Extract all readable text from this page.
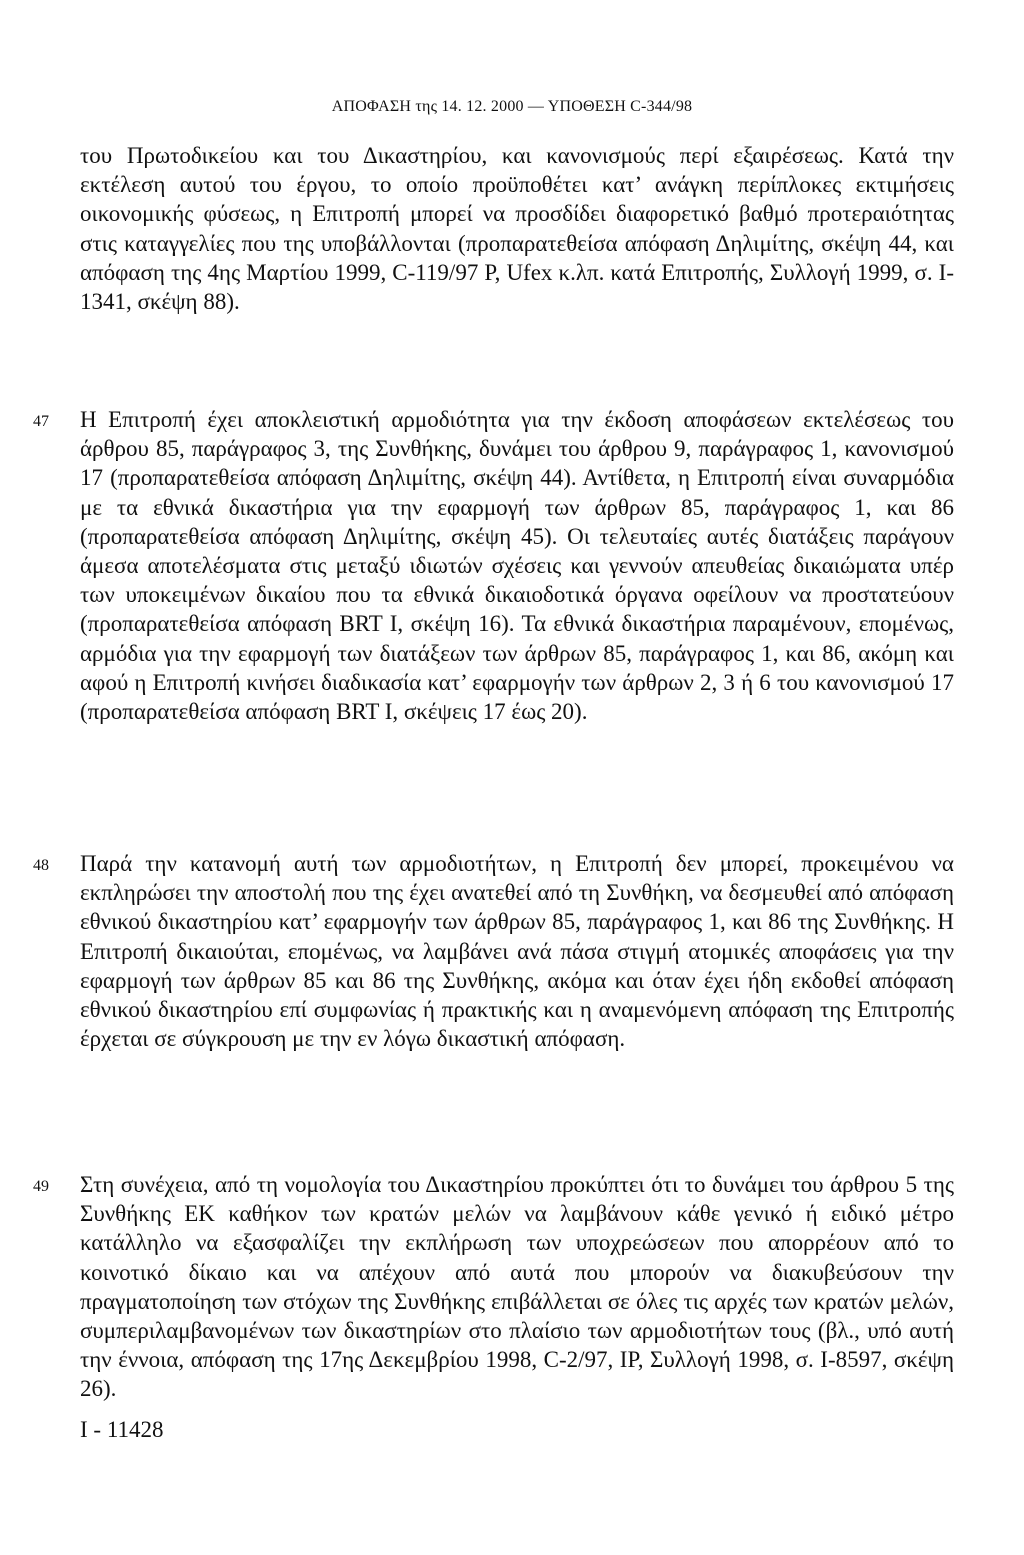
ΑΠΟΦΑΣΗ της 14. 12. 2000 — ΥΠΟΘΕΣΗ C-344/98

του Πρωτοδικείου και του Δικαστηρίου, και κανονισμούς περί εξαιρέσεως. Κατά την εκτέλεση αυτού του έργου, το οποίο προϋποθέτει κατ’ ανάγκη περίπλοκες εκτιμήσεις οικονομικής φύσεως, η Επιτροπή μπορεί να προσδίδει διαφορετικό βαθμό προτεραιότητας στις καταγγελίες που της υποβάλλονται (προπαρατεθείσα απόφαση Δηλιμίτης, σκέψη 44, και απόφαση της 4ης Μαρτίου 1999, C-119/97 P, Ufex κ.λπ. κατά Επιτροπής, Συλλογή 1999, σ. I-1341, σκέψη 88).

47 Η Επιτροπή έχει αποκλειστική αρμοδιότητα για την έκδοση αποφάσεων εκτελέσεως του άρθρου 85, παράγραφος 3, της Συνθήκης, δυνάμει του άρθρου 9, παράγραφος 1, κανονισμού 17 (προπαρατεθείσα απόφαση Δηλιμίτης, σκέψη 44). Αντίθετα, η Επιτροπή είναι συναρμόδια με τα εθνικά δικαστήρια για την εφαρμογή των άρθρων 85, παράγραφος 1, και 86 (προπαρατεθείσα απόφαση Δηλιμίτης, σκέψη 45). Οι τελευταίες αυτές διατάξεις παράγουν άμεσα αποτελέσματα στις μεταξύ ιδιωτών σχέσεις και γεννούν απευθείας δικαιώματα υπέρ των υποκειμένων δικαίου που τα εθνικά δικαιοδοτικά όργανα οφείλουν να προστατεύουν (προπαρατεθείσα απόφαση BRT I, σκέψη 16). Τα εθνικά δικαστήρια παραμένουν, επομένως, αρμόδια για την εφαρμογή των διατάξεων των άρθρων 85, παράγραφος 1, και 86, ακόμη και αφού η Επιτροπή κινήσει διαδικασία κατ’ εφαρμογήν των άρθρων 2, 3 ή 6 του κανονισμού 17 (προπαρατεθείσα απόφαση BRT I, σκέψεις 17 έως 20).

48 Παρά την κατανομή αυτή των αρμοδιοτήτων, η Επιτροπή δεν μπορεί, προκειμένου να εκπληρώσει την αποστολή που της έχει ανατεθεί από τη Συνθήκη, να δεσμευθεί από απόφαση εθνικού δικαστηρίου κατ’ εφαρμογήν των άρθρων 85, παράγραφος 1, και 86 της Συνθήκης. Η Επιτροπή δικαιούται, επομένως, να λαμβάνει ανά πάσα στιγμή ατομικές αποφάσεις για την εφαρμογή των άρθρων 85 και 86 της Συνθήκης, ακόμα και όταν έχει ήδη εκδοθεί απόφαση εθνικού δικαστηρίου επί συμφωνίας ή πρακτικής και η αναμενόμενη απόφαση της Επιτροπής έρχεται σε σύγκρουση με την εν λόγω δικαστική απόφαση.

49 Στη συνέχεια, από τη νομολογία του Δικαστηρίου προκύπτει ότι το δυνάμει του άρθρου 5 της Συνθήκης ΕΚ καθήκον των κρατών μελών να λαμβάνουν κάθε γενικό ή ειδικό μέτρο κατάλληλο να εξασφαλίζει την εκπλήρωση των υποχρεώσεων που απορρέουν από το κοινοτικό δίκαιο και να απέχουν από αυτά που μπορούν να διακυβεύσουν την πραγματοποίηση των στόχων της Συνθήκης επιβάλλεται σε όλες τις αρχές των κρατών μελών, συμπεριλαμβανομένων των δικαστηρίων στο πλαίσιο των αρμοδιοτήτων τους (βλ., υπό αυτή την έννοια, απόφαση της 17ης Δεκεμβρίου 1998, C-2/97, IP, Συλλογή 1998, σ. I-8597, σκέψη 26).

I - 11428
